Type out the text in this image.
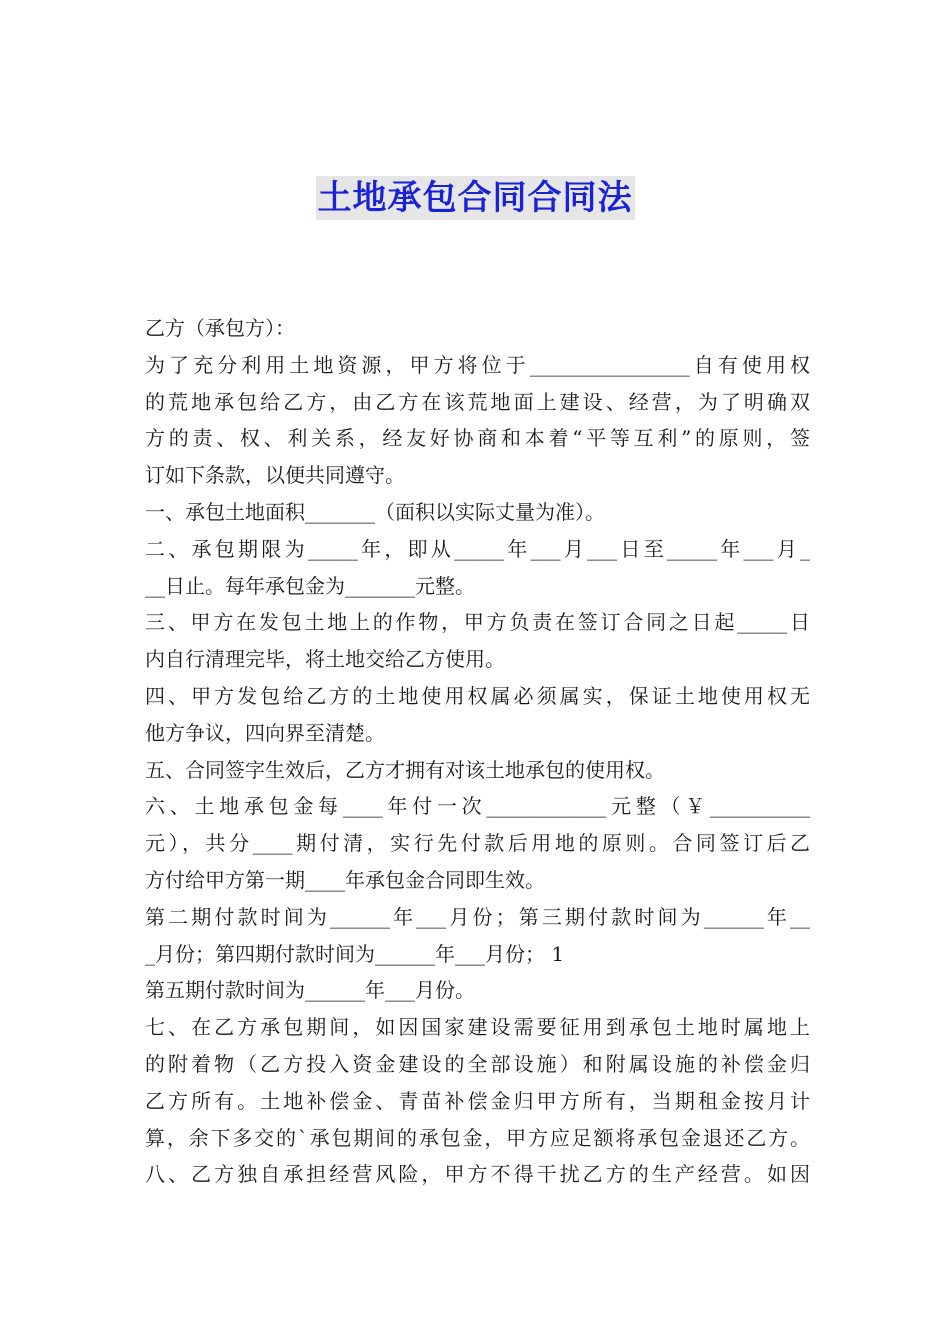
土地承包合同合同法
乙方（承包方）：
为了充分利用土地资源，甲方将位于________________自有使用权
的荒地承包给乙方，由乙方在该荒地面上建设、经营，为了明确双
方的责、权、利关系，经友好协商和本着“平等互利”的原则，签
订如下条款，以便共同遵守。
一、承包土地面积_______（面积以实际丈量为准）。
二、承包期限为_____年，即从_____年___月___日至_____年___月_
__日止。每年承包金为_______元整。
三、甲方在发包土地上的作物，甲方负责在签订合同之日起_____日
内自行清理完毕，将土地交给乙方使用。
四、甲方发包给乙方的土地使用权属必须属实，保证土地使用权无
他方争议，四向界至清楚。
五、合同签字生效后，乙方才拥有对该土地承包的使用权。
六、土地承包金每____年付一次____________元整（￥__________
元），共分____期付清，实行先付款后用地的原则。合同签订后乙
方付给甲方第一期____年承包金合同即生效。
第二期付款时间为______年___月份；第三期付款时间为______年__
_月份；第四期付款时间为______年___月份； 1
第五期付款时间为______年___月份。
七、在乙方承包期间，如因国家建设需要征用到承包土地时属地上
的附着物（乙方投入资金建设的全部设施）和附属设施的补偿金归
乙方所有。土地补偿金、青苗补偿金归甲方所有，当期租金按月计
算，余下多交的`承包期间的承包金，甲方应足额将承包金退还乙方。
八、乙方独自承担经营风险，甲方不得干扰乙方的生产经营。如因
